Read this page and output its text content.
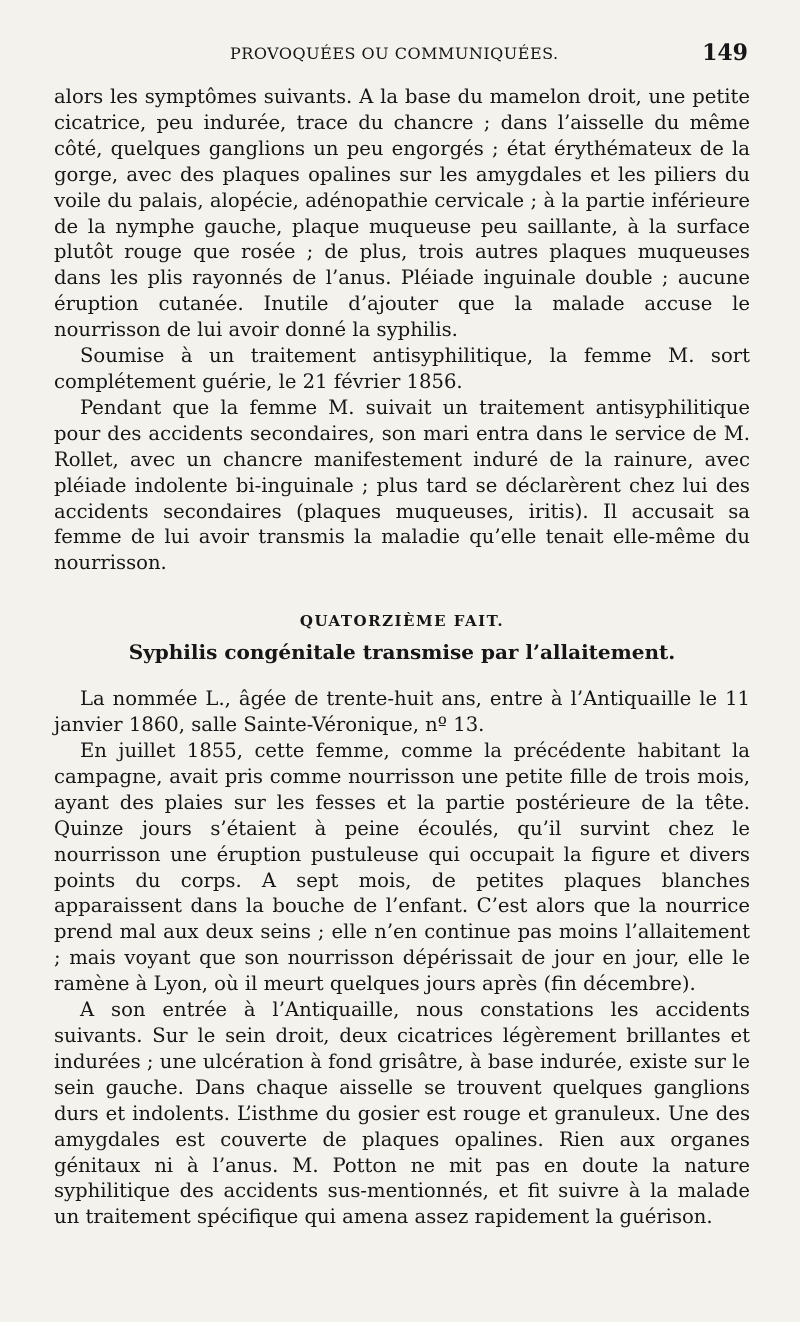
PROVOQUÉES OU COMMUNIQUÉES.	149

alors les symptômes suivants. A la base du mamelon droit, une petite cicatrice, peu indurée, trace du chancre ; dans l’aisselle du même côté, quelques ganglions un peu engorgés ; état érythémateux de la gorge, avec des plaques opalines sur les amygdales et les piliers du voile du palais, alopécie, adénopathie cervicale ; à la partie inférieure de la nymphe gauche, plaque muqueuse peu saillante, à la surface plutôt rouge que rosée ; de plus, trois autres plaques muqueuses dans les plis rayonnés de l’anus. Pléiade inguinale double ; aucune éruption cutanée. Inutile d’ajouter que la malade accuse le nourrisson de lui avoir donné la syphilis.

Soumise à un traitement antisyphilitique, la femme M. sort complétement guérie, le 21 février 1856.

Pendant que la femme M. suivait un traitement antisyphilitique pour des accidents secondaires, son mari entra dans le service de M. Rollet, avec un chancre manifestement induré de la rainure, avec pléiade indolente bi-inguinale ; plus tard se déclarèrent chez lui des accidents secondaires (plaques muqueuses, iritis). Il accusait sa femme de lui avoir transmis la maladie qu’elle tenait elle-même du nourrisson.

QUATORZIÈME FAIT.
Syphilis congénitale transmise par l’allaitement.

La nommée L., âgée de trente-huit ans, entre à l’Antiquaille le 11 janvier 1860, salle Sainte-Véronique, nº 13.

En juillet 1855, cette femme, comme la précédente habitant la campagne, avait pris comme nourrisson une petite fille de trois mois, ayant des plaies sur les fesses et la partie postérieure de la tête. Quinze jours s’étaient à peine écoulés, qu’il survint chez le nourrisson une éruption pustuleuse qui occupait la figure et divers points du corps. A sept mois, de petites plaques blanches apparaissent dans la bouche de l’enfant. C’est alors que la nourrice prend mal aux deux seins ; elle n’en continue pas moins l’allaitement ; mais voyant que son nourrisson dépérissait de jour en jour, elle le ramène à Lyon, où il meurt quelques jours après (fin décembre).

A son entrée à l’Antiquaille, nous constations les accidents suivants. Sur le sein droit, deux cicatrices légèrement brillantes et indurées ; une ulcération à fond grisâtre, à base indurée, existe sur le sein gauche. Dans chaque aisselle se trouvent quelques ganglions durs et indolents. L’isthme du gosier est rouge et granuleux. Une des amygdales est couverte de plaques opalines. Rien aux organes génitaux ni à l’anus. M. Potton ne mit pas en doute la nature syphilitique des accidents sus-mentionnés, et fit suivre à la malade un traitement spécifique qui amena assez rapidement la guérison.
